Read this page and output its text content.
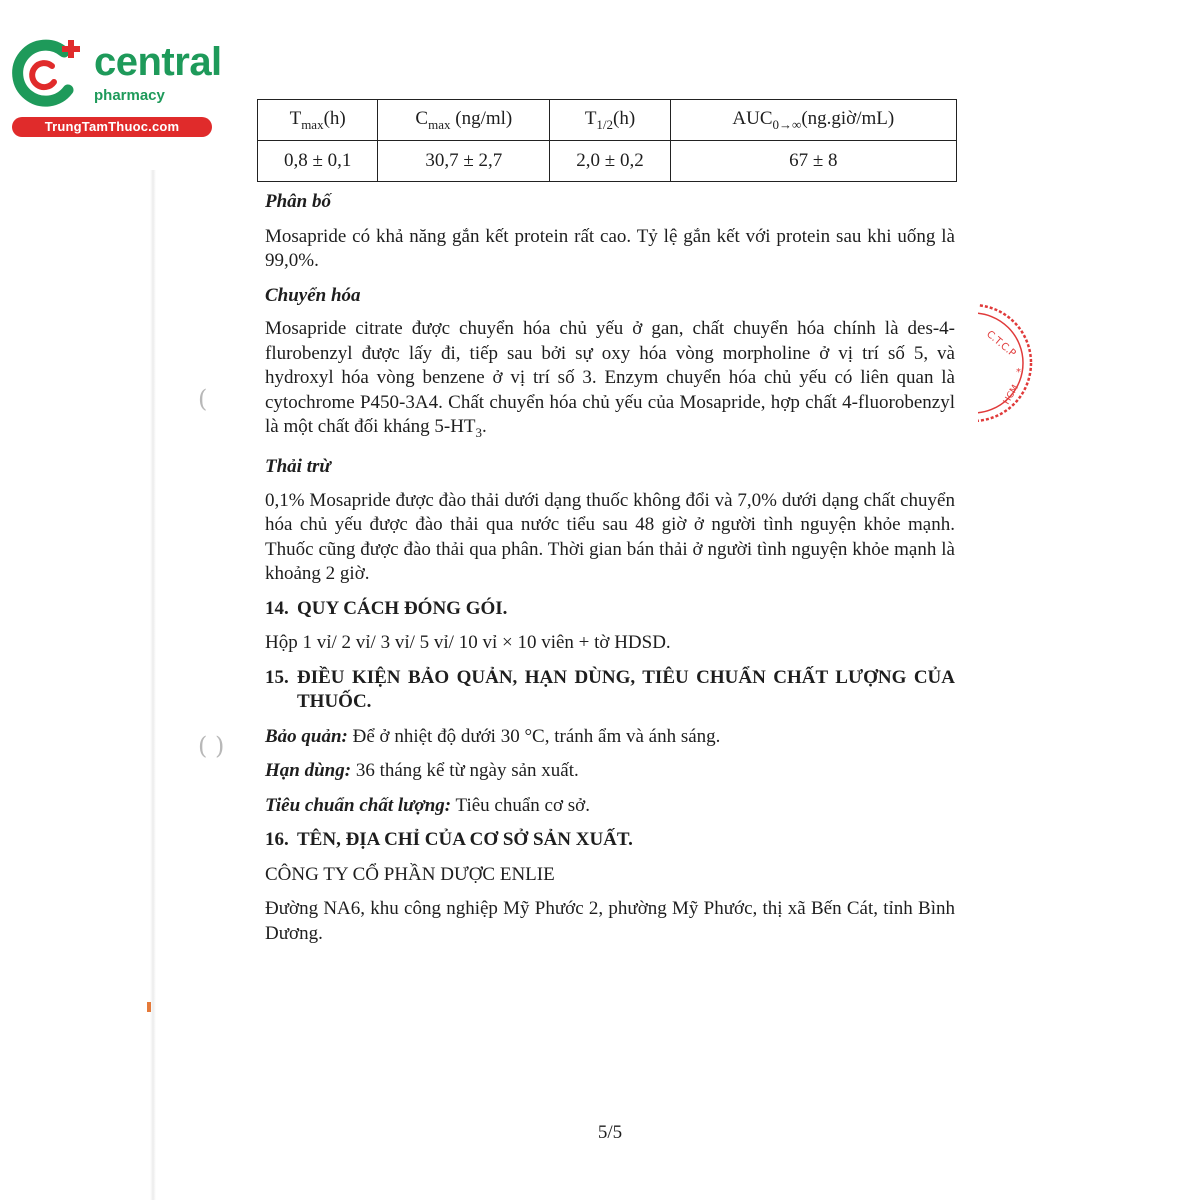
central
pharmacy
TrungTamThuoc.com
(
( )
C.T.C.P
*
HCM
$T_{max}(h)$	$C_{max}$ (ng/ml)	$T_{1/2}(h)$	$AUC_{0\to\infty}(ng.giờ/mL)$
0,8 ± 0,1	30,7 ± 2,7	2,0 ± 0,2	67 ± 8

Phân bố

Mosapride có khả năng gắn kết protein rất cao. Tỷ lệ gắn kết với protein sau khi uống là 99,0%.

Chuyển hóa

Mosapride citrate được chuyển hóa chủ yếu ở gan, chất chuyển hóa chính là des-4-flurobenzyl được lấy đi, tiếp sau bởi sự oxy hóa vòng morpholine ở vị trí số 5, và hydroxyl hóa vòng benzene ở vị trí số 3. Enzym chuyển hóa chủ yếu có liên quan là cytochrome P450-3A4. Chất chuyển hóa chủ yếu của Mosapride, hợp chất 4-fluorobenzyl là một chất đối kháng $5-HT_3$.

Thải trừ

0,1% Mosapride được đào thải dưới dạng thuốc không đổi và 7,0% dưới dạng chất chuyển hóa chủ yếu được đào thải qua nước tiểu sau 48 giờ ở người tình nguyện khỏe mạnh. Thuốc cũng được đào thải qua phân. Thời gian bán thải ở người tình nguyện khỏe mạnh là khoảng 2 giờ.

14. QUY CÁCH ĐÓNG GÓI.

Hộp 1 vỉ/ 2 vỉ/ 3 vỉ/ 5 vỉ/ 10 vỉ × 10 viên + tờ HDSD.

15. ĐIỀU KIỆN BẢO QUẢN, HẠN DÙNG, TIÊU CHUẨN CHẤT LƯỢNG CỦA THUỐC.

Bảo quản: Để ở nhiệt độ dưới 30 °C, tránh ẩm và ánh sáng.

Hạn dùng: 36 tháng kể từ ngày sản xuất.

Tiêu chuẩn chất lượng: Tiêu chuẩn cơ sở.

16. TÊN, ĐỊA CHỈ CỦA CƠ SỞ SẢN XUẤT.

CÔNG TY CỔ PHẦN DƯỢC ENLIE

Đường NA6, khu công nghiệp Mỹ Phước 2, phường Mỹ Phước, thị xã Bến Cát, tỉnh Bình Dương.

5/5
